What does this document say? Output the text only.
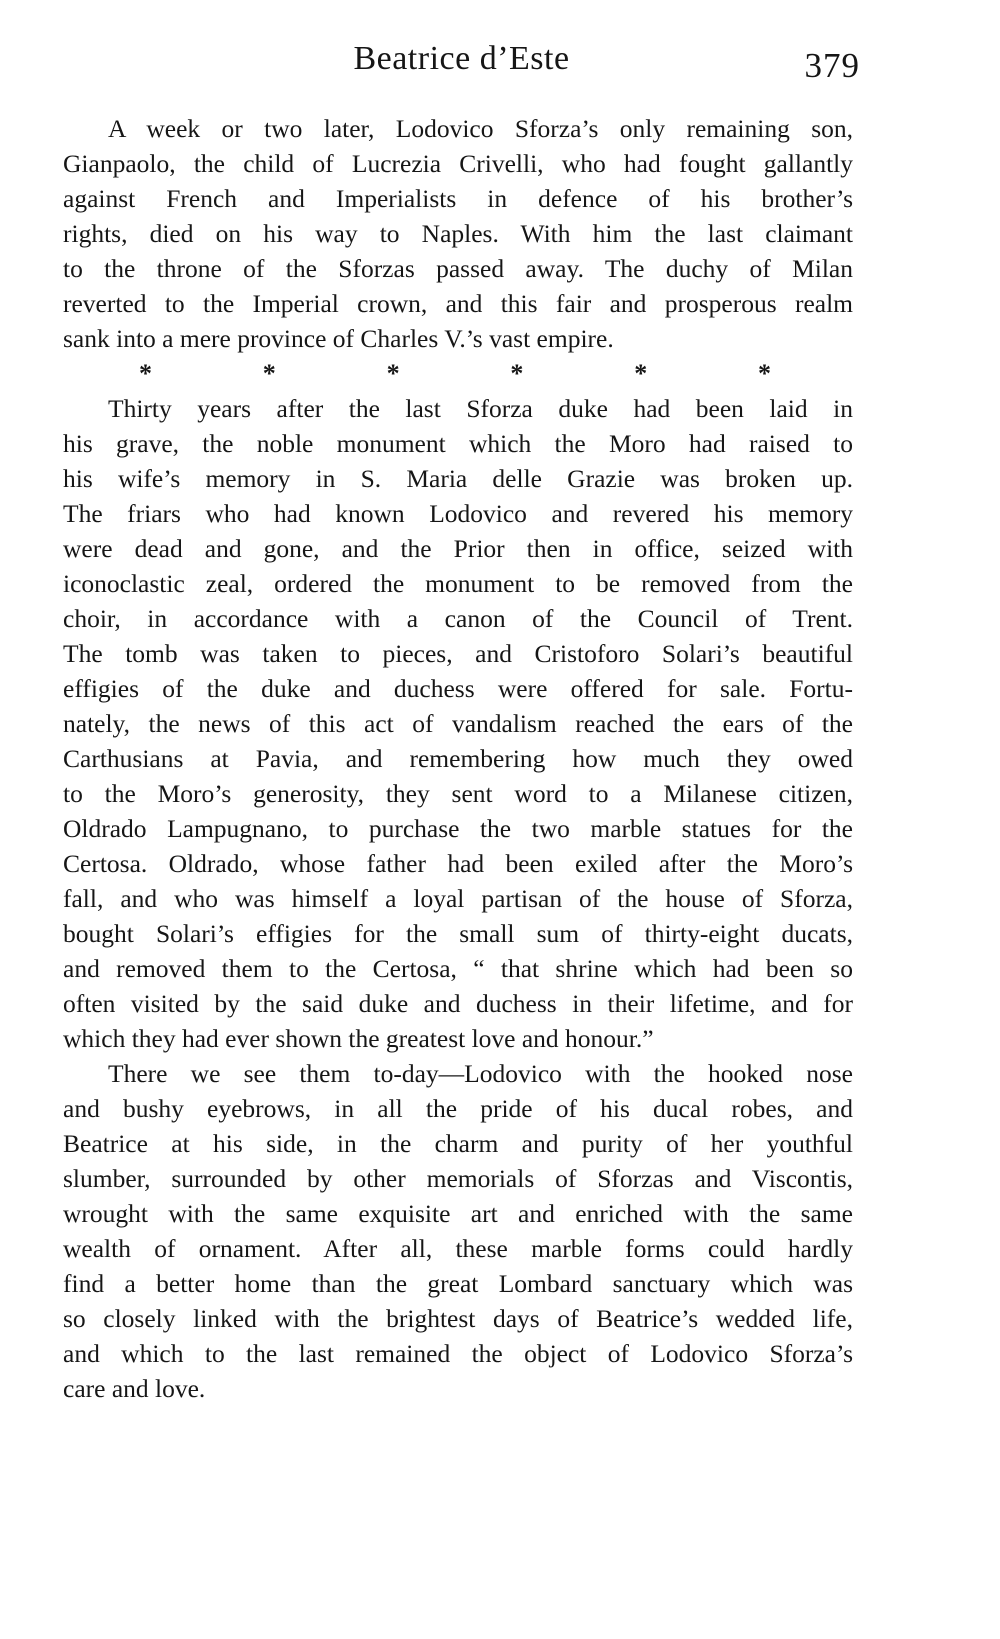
Beatrice d’Este	379
A week or two later, Lodovico Sforza’s only remaining son,
Gianpaolo, the child of Lucrezia Crivelli, who had fought gallantly
against French and Imperialists in defence of his brother’s
rights, died on his way to Naples. With him the last claimant
to the throne of the Sforzas passed away. The duchy of Milan
reverted to the Imperial crown, and this fair and prosperous realm
sank into a mere province of Charles V.’s vast empire.
*	*	*	*	*	*
Thirty years after the last Sforza duke had been laid in
his grave, the noble monument which the Moro had raised to
his wife’s memory in S. Maria delle Grazie was broken up.
The friars who had known Lodovico and revered his memory
were dead and gone, and the Prior then in office, seized with
iconoclastic zeal, ordered the monument to be removed from the
choir, in accordance with a canon of the Council of Trent.
The tomb was taken to pieces, and Cristoforo Solari’s beautiful
effigies of the duke and duchess were offered for sale. Fortu-
nately, the news of this act of vandalism reached the ears of the
Carthusians at Pavia, and remembering how much they owed
to the Moro’s generosity, they sent word to a Milanese citizen,
Oldrado Lampugnano, to purchase the two marble statues for the
Certosa. Oldrado, whose father had been exiled after the Moro’s
fall, and who was himself a loyal partisan of the house of Sforza,
bought Solari’s effigies for the small sum of thirty-eight ducats,
and removed them to the Certosa, “ that shrine which had been so
often visited by the said duke and duchess in their lifetime, and for
which they had ever shown the greatest love and honour.”
There we see them to-day—Lodovico with the hooked nose
and bushy eyebrows, in all the pride of his ducal robes, and
Beatrice at his side, in the charm and purity of her youthful
slumber, surrounded by other memorials of Sforzas and Viscontis,
wrought with the same exquisite art and enriched with the same
wealth of ornament. After all, these marble forms could hardly
find a better home than the great Lombard sanctuary which was
so closely linked with the brightest days of Beatrice’s wedded life,
and which to the last remained the object of Lodovico Sforza’s
care and love.
